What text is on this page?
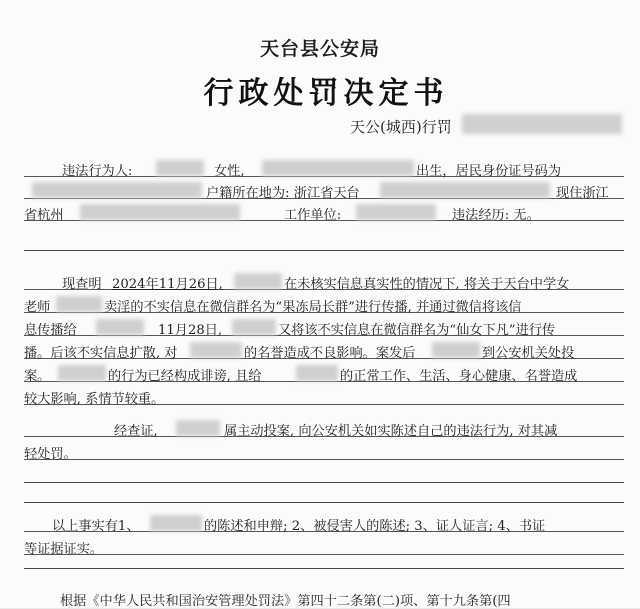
天台县公安局
行政处罚决定书
天公(城西)行罚
违法行为人:	女性,	出生，居民身份证号码为
户籍所在地为: 浙江省天台	现住浙江
省杭州	工作单位:	违法经历: 无。
现查明 2024年11月26日,	在未核实信息真实性的情况下, 将关于天台中学女
老师	卖淫的不实信息在微信群名为“果冻局长群”进行传播, 并通过微信将该信
息传播给	11月28日,	又将该不实信息在微信群名为“仙女下凡”进行传
播。后该不实信息扩散, 对	的名誉造成不良影响。案发后	到公安机关处投
案。	的行为已经构成诽谤, 且给	的正常工作、生活、身心健康、名誉造成
较大影响, 系情节较重。
经查证,	属主动投案, 向公安机关如实陈述自己的违法行为, 对其减
轻处罚。
以上事实有1、	的陈述和申辩; 2、被侵害人的陈述; 3、证人证言; 4、书证
等证据证实。
根据《中华人民共和国治安管理处罚法》第四十二条第(二)项、第十九条第(四
